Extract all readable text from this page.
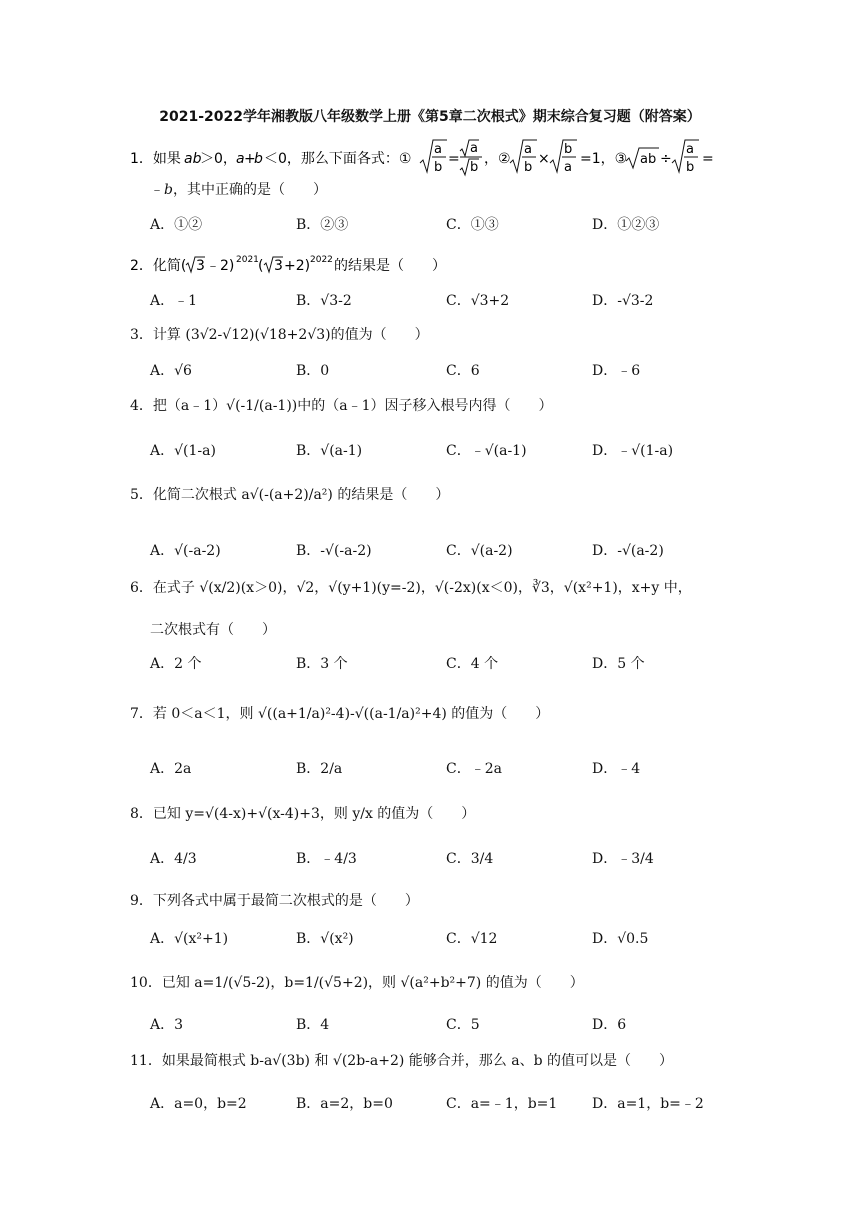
2021-2022学年湘教版八年级数学上册《第5章二次根式》期末综合复习题（附答案）
1．如果 ab
＞0， a +
b ＜0，那么下面各式：①
a
b
=
a
b
，②
a
b
×
b
a
=1，③ ab ÷
a
b
=
﹣b，其中正确的是（　　）
A．①②	B．②③	C．①③	D．①②③
2．化简( 3 ﹣2) 2021 ( 3 +2) 2022 的结果是（　　）
A．﹣1	B．√3-2	C．√3+2	D．-√3-2
3．计算 (3√2-√12)(√18+2√3)的值为（　　）
A．√6	B．0	C．6	D．﹣6
4．把（a﹣1）√(-1/(a-1))中的（a﹣1）因子移入根号内得（　　）
A．√(1-a)	B．√(a-1)	C．﹣√(a-1)	D．﹣√(1-a)
5．化简二次根式 a√(-(a+2)/a²) 的结果是（　　）
A．√(-a-2)	B．-√(-a-2)	C．√(a-2)	D．-√(a-2)
6．在式子 √(x/2)(x＞0)，√2，√(y+1)(y=-2)，√(-2x)(x＜0)，∛3，√(x²+1)，x+y 中，
二次根式有（　　）
A．2 个	B．3 个	C．4 个	D．5 个
7．若 0＜a＜1，则 √((a+1/a)²-4)-√((a-1/a)²+4) 的值为（　　）
A．2a	B．2/a	C．﹣2a	D．﹣4
8．已知 y=√(4-x)+√(x-4)+3，则 y/x 的值为（　　）
A．4/3	B．﹣4/3	C．3/4	D．﹣3/4
9．下列各式中属于最简二次根式的是（　　）
A．√(x²+1)	B．√(x²)	C．√12	D．√0.5
10．已知 a=1/(√5-2)，b=1/(√5+2)，则 √(a²+b²+7) 的值为（　　）
A．3	B．4	C．5	D．6
11．如果最简根式 b-a√(3b) 和 √(2b-a+2) 能够合并，那么 a、b 的值可以是（　　）
A．a=0，b=2	B．a=2，b=0	C．a=﹣1，b=1 D．a=1，b=﹣2
